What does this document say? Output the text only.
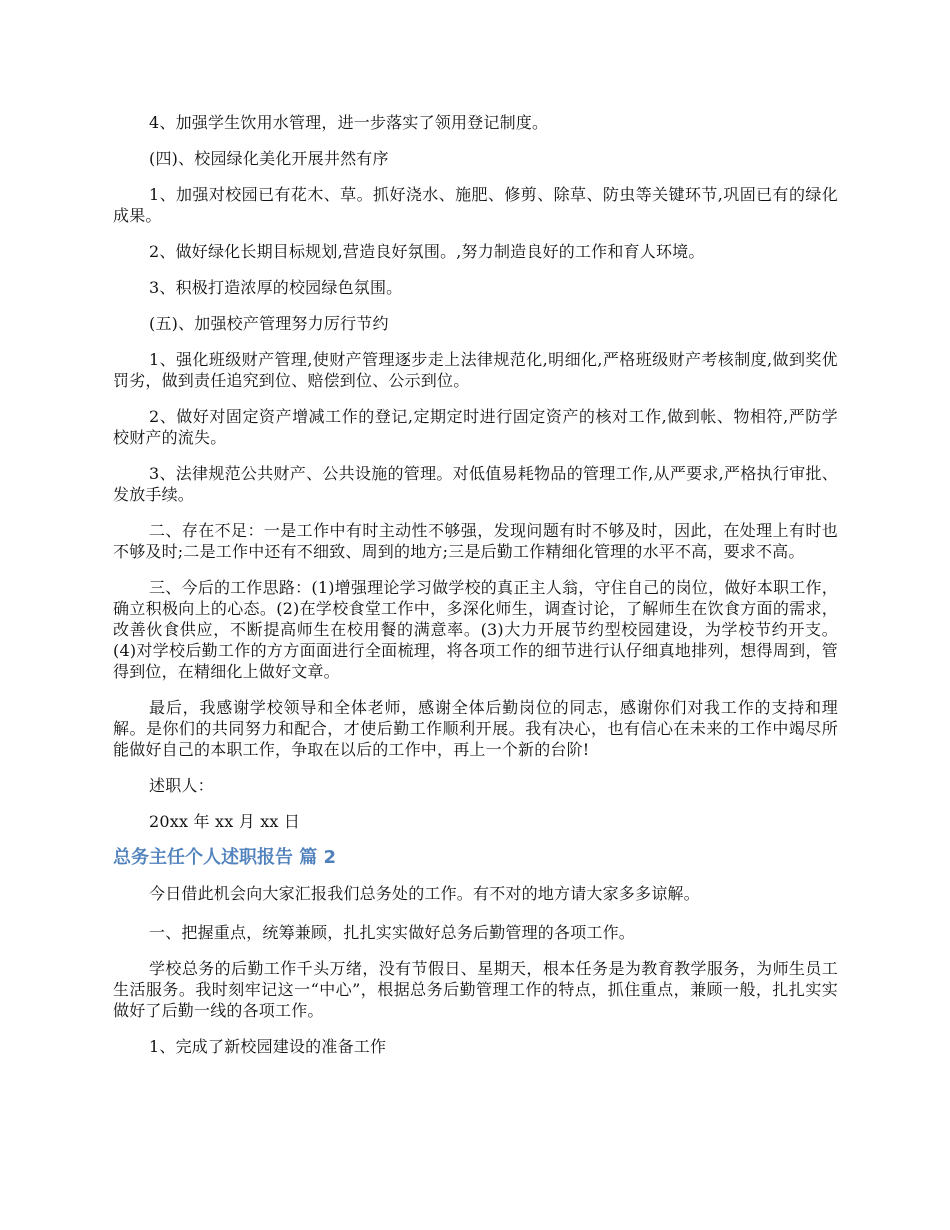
4、加强学生饮用水管理，进一步落实了领用登记制度。

(四)、校园绿化美化开展井然有序

1、加强对校园已有花木、草。抓好浇水、施肥、修剪、除草、防虫等关键环节,巩固已有的绿化成果。

2、做好绿化长期目标规划,营造良好氛围。,努力制造良好的工作和育人环境。

3、积极打造浓厚的校园绿色氛围。

(五)、加强校产管理努力厉行节约

1、强化班级财产管理,使财产管理逐步走上法律规范化,明细化,严格班级财产考核制度,做到奖优罚劣，做到责任追究到位、赔偿到位、公示到位。

2、做好对固定资产增减工作的登记,定期定时进行固定资产的核对工作,做到帐、物相符,严防学校财产的流失。

3、法律规范公共财产、公共设施的管理。对低值易耗物品的管理工作,从严要求,严格执行审批、发放手续。

二、存在不足：一是工作中有时主动性不够强，发现问题有时不够及时，因此，在处理上有时也不够及时;二是工作中还有不细致、周到的地方;三是后勤工作精细化管理的水平不高，要求不高。

三、今后的工作思路：(1)增强理论学习做学校的真正主人翁，守住自己的岗位，做好本职工作，确立积极向上的心态。(2)在学校食堂工作中，多深化师生，调查讨论，了解师生在饮食方面的需求，改善伙食供应，不断提高师生在校用餐的满意率。(3)大力开展节约型校园建设，为学校节约开支。(4)对学校后勤工作的方方面面进行全面梳理，将各项工作的细节进行认仔细真地排列，想得周到，管得到位，在精细化上做好文章。

最后，我感谢学校领导和全体老师，感谢全体后勤岗位的同志，感谢你们对我工作的支持和理解。是你们的共同努力和配合，才使后勤工作顺利开展。我有决心，也有信心在未来的工作中竭尽所能做好自己的本职工作，争取在以后的工作中，再上一个新的台阶!

述职人：

20xx 年 xx 月 xx 日

总务主任个人述职报告 篇 2

今日借此机会向大家汇报我们总务处的工作。有不对的地方请大家多多谅解。

一、把握重点，统筹兼顾，扎扎实实做好总务后勤管理的各项工作。

学校总务的后勤工作千头万绪，没有节假日、星期天，根本任务是为教育教学服务，为师生员工生活服务。我时刻牢记这一“中心”，根据总务后勤管理工作的特点，抓住重点，兼顾一般，扎扎实实做好了后勤一线的各项工作。

1、完成了新校园建设的准备工作
